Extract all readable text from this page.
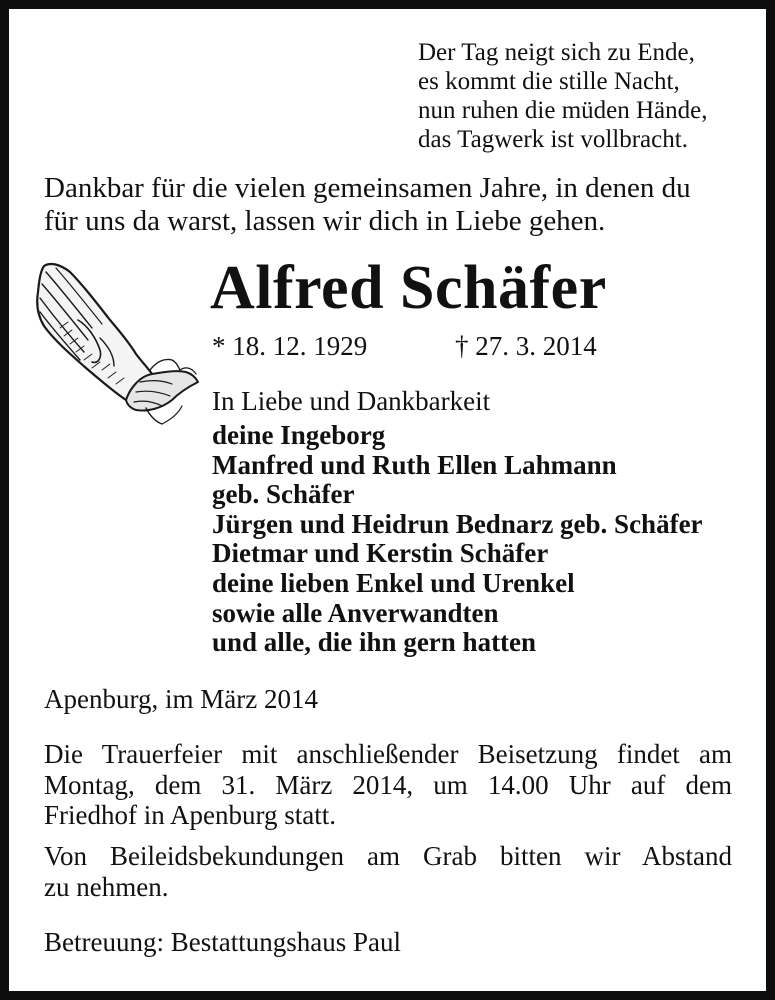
Der Tag neigt sich zu Ende,
es kommt die stille Nacht,
nun ruhen die müden Hände,
das Tagwerk ist vollbracht.
Dankbar für die vielen gemeinsamen Jahre, in denen du
für uns da warst, lassen wir dich in Liebe gehen.
Alfred Schäfer
* 18. 12. 1929	† 27. 3. 2014
In Liebe und Dankbarkeit
deine Ingeborg
Manfred und Ruth Ellen Lahmann
geb. Schäfer
Jürgen und Heidrun Bednarz geb. Schäfer
Dietmar und Kerstin Schäfer
deine lieben Enkel und Urenkel
sowie alle Anverwandten
und alle, die ihn gern hatten
Apenburg, im März 2014
Die Trauerfeier mit anschließender Beisetzung findet am
Montag, dem 31. März 2014, um 14.00 Uhr auf dem
Friedhof in Apenburg statt.
Von Beileidsbekundungen am Grab bitten wir Abstand
zu nehmen.
Betreuung: Bestattungshaus Paul
